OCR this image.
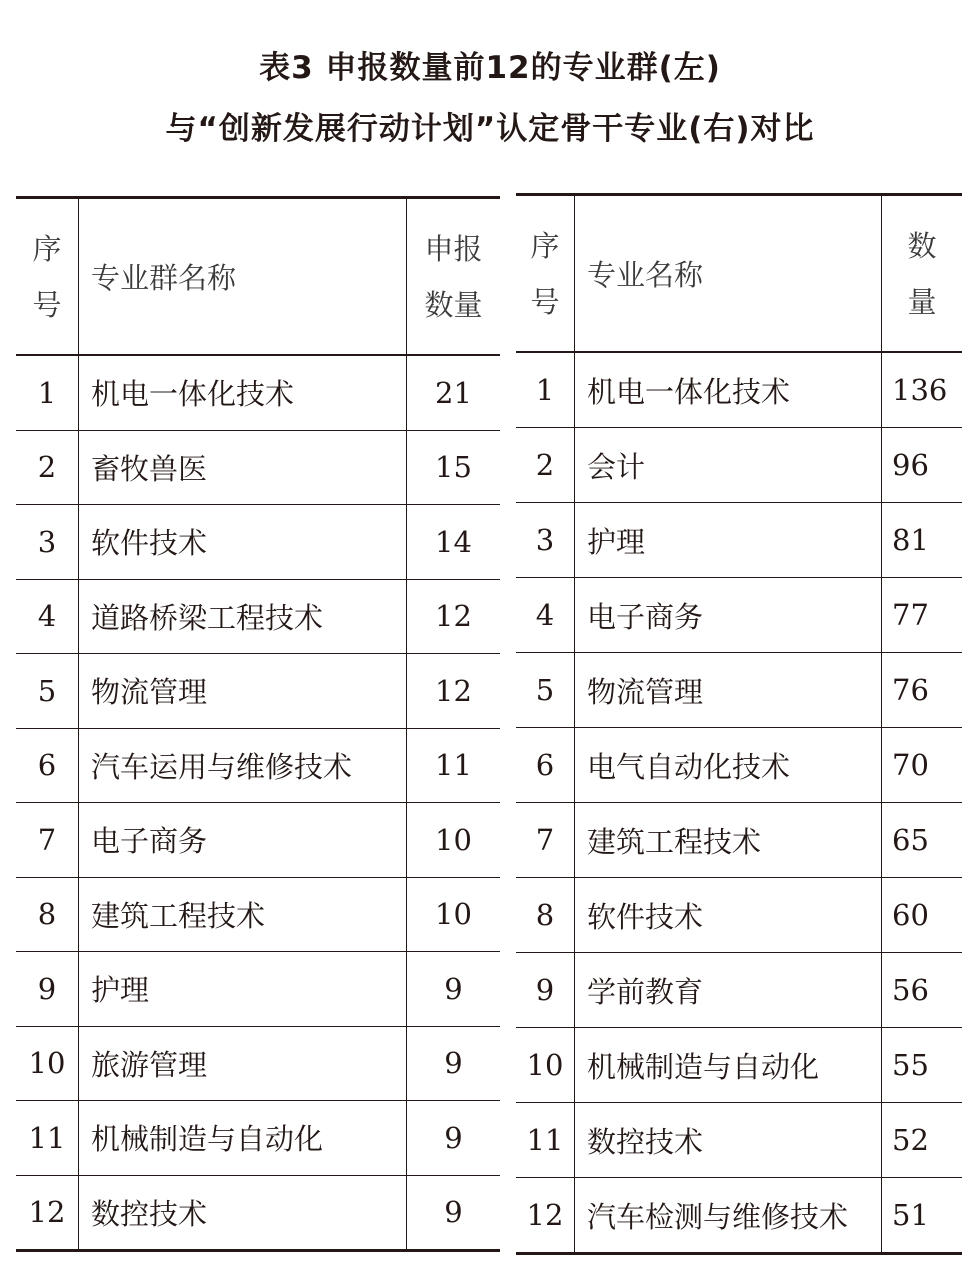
表3 申报数量前12的专业群(左)
与“创新发展行动计划”认定骨干专业(右)对比
序
号	专业群名称	申报
数量
1	机电一体化技术	21
2	畜牧兽医	15
3	软件技术	14
4	道路桥梁工程技术	12
5	物流管理	12
6	汽车运用与维修技术	11
7	电子商务	10
8	建筑工程技术	10
9	护理	9
10	旅游管理	9
11	机械制造与自动化	9
12	数控技术	9
序
号	专业名称	数
量
1	机电一体化技术	136
2	会计	96
3	护理	81
4	电子商务	77
5	物流管理	76
6	电气自动化技术	70
7	建筑工程技术	65
8	软件技术	60
9	学前教育	56
10	机械制造与自动化	55
11	数控技术	52
12	汽车检测与维修技术	51
